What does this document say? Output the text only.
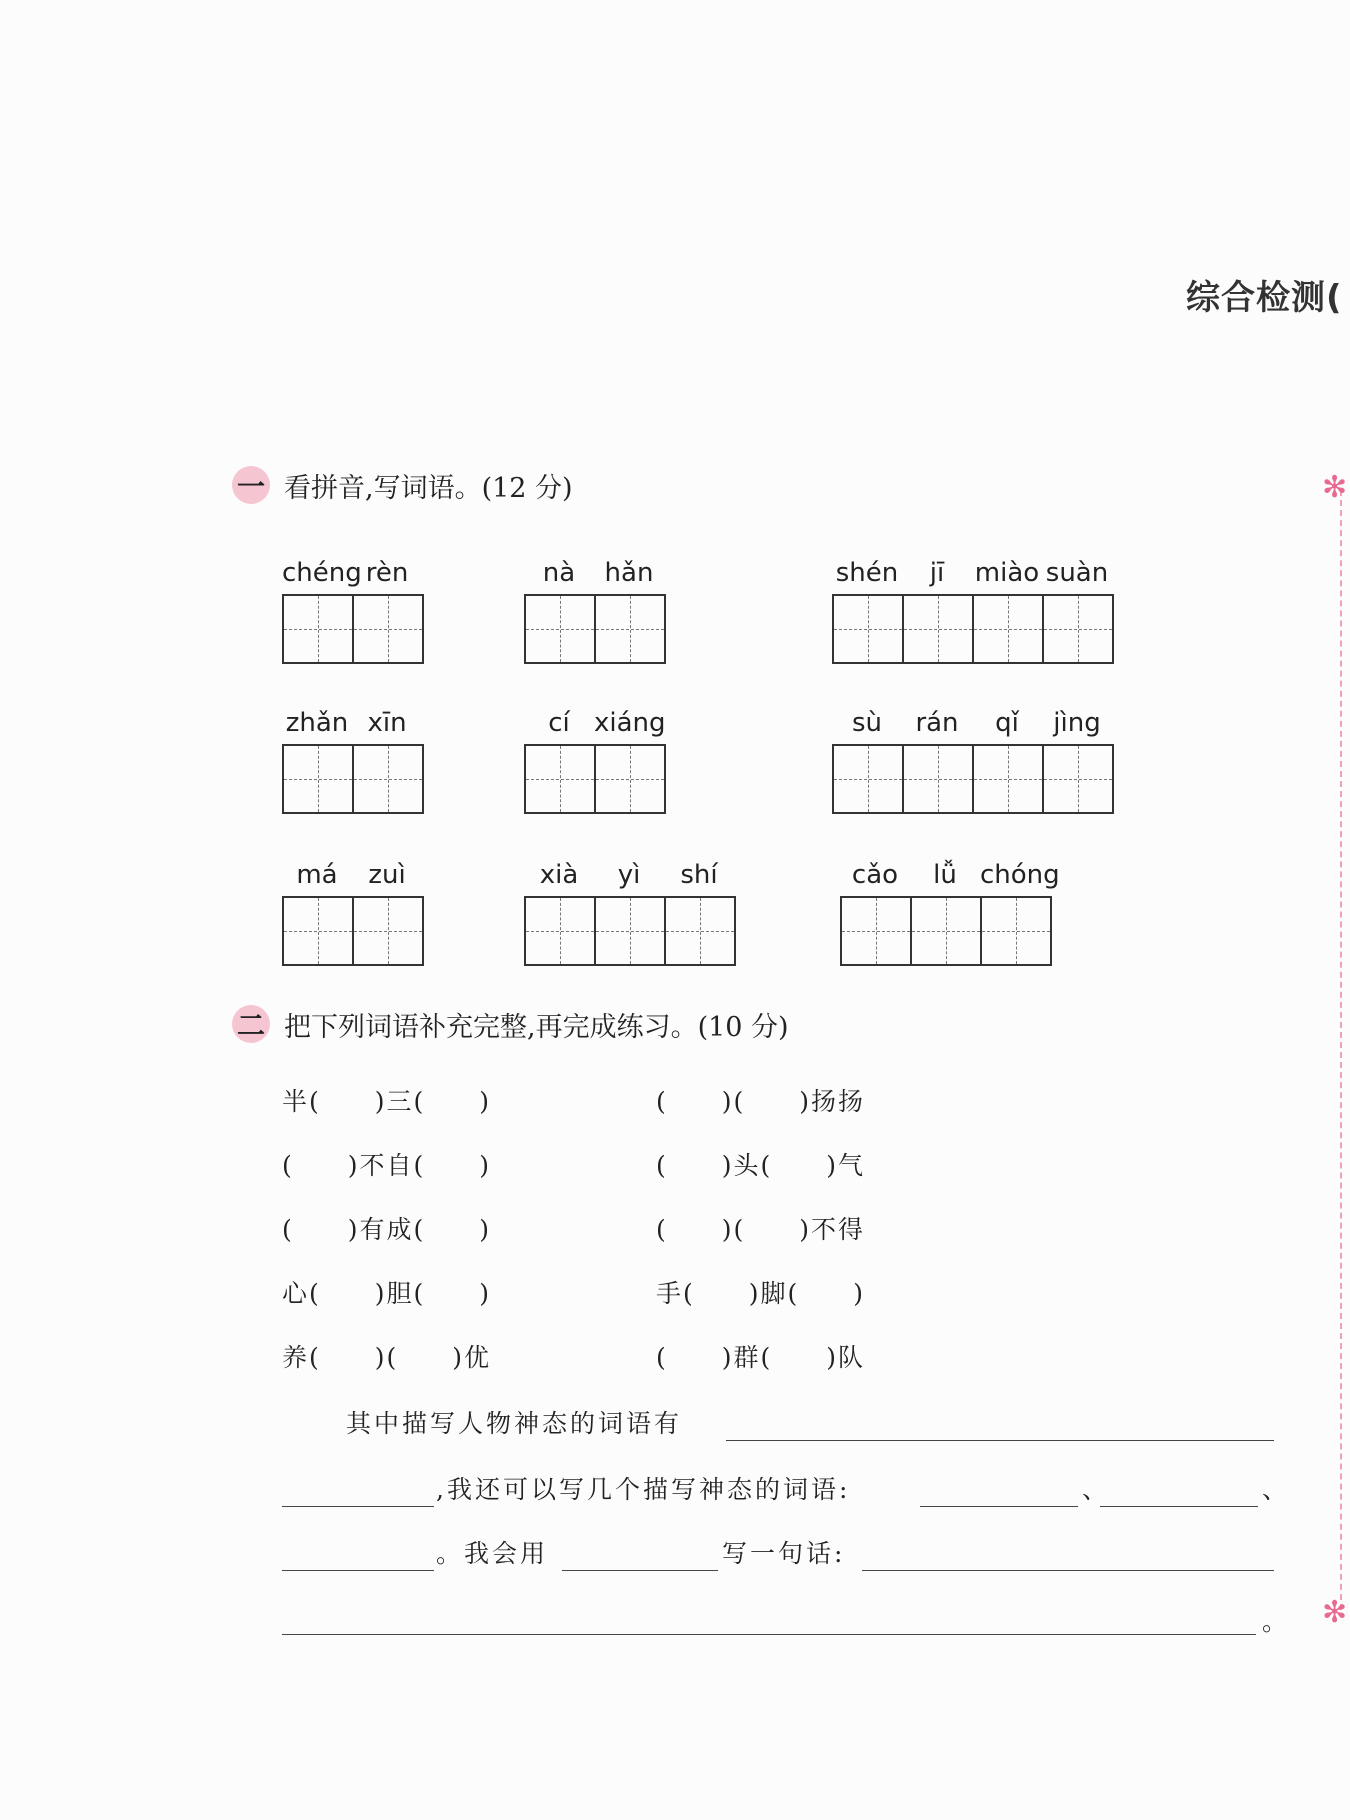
综合检测(
✻
✻
一 看拼音,写词语。(12 分)
chéng rèn	nà	hǎn	shén	jī	miào suàn
zhǎn xīn	cí xiáng	sù	rán	qǐ	jìng
má	zuì	xià	yì	shí	cǎo	lǚ chóng
二 把下列词语补充完整,再完成练习。(10 分)
半(　　)三(　　)	(　　)(　　)扬扬
(　　)不自(　　)	(　　)头(　　)气
(　　)有成(　　)	(　　)(　　)不得
心(　　)胆(　　)	手(　　)脚(　　)
养(　　)(　　)优	(　　)群(　　)队
其中描写人物神态的词语有
,我还可以写几个描写神态的词语:	、	、
。我会用	写一句话:
。
